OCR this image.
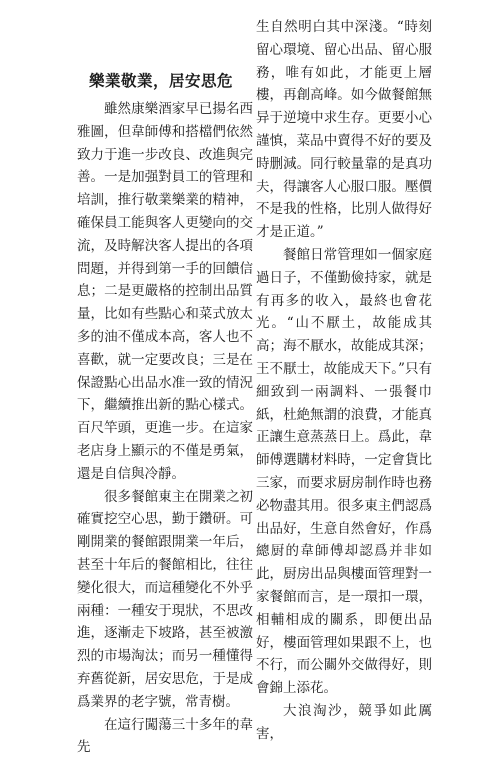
樂業敬業，居安思危

雖然康樂酒家早已揚名西雅圖，但韋師傅和搭檔們依然致力于進一步改良、改進與完善。一是加强對員工的管理和培訓，推行敬業樂業的精神，確保員工能與客人更變向的交流，及時解決客人提出的各項問題，并得到第一手的回饋信息；二是更嚴格的控制出品質量，比如有些點心和菜式放太多的油不僅成本高，客人也不喜歡，就一定要改良；三是在保證點心出品水准一致的情況下，繼續推出新的點心樣式。百尺竿頭，更進一步。在這家老店身上顯示的不僅是勇氣，還是自信與冷靜。

很多餐館東主在開業之初確實挖空心思，勤于鑽研。可剛開業的餐館跟開業一年后，甚至十年后的餐館相比，往往變化很大，而這種變化不外乎兩種：一種安于現狀，不思改進，逐漸走下坡路，甚至被激烈的市場淘汰；而另一種懂得弃舊從新，居安思危，于是成爲業界的老字號，常青樹。

在這行闖蕩三十多年的韋先

生自然明白其中深淺。“時刻留心環境、留心出品、留心服務，唯有如此，才能更上層樓，再創高峰。如今做餐館無异于逆境中求生存。更要小心謹慎，菜品中賣得不好的要及時删減。同行較量靠的是真功夫，得讓客人心服口服。壓價不是我的性格，比別人做得好才是正道。”

餐館日常管理如一個家庭過日子，不僅勤儉持家，就是有再多的收入，最終也會花光。“山不厭土，故能成其高；海不厭水，故能成其深；王不厭士，故能成天下。”只有細致到一兩調料、一張餐巾紙，杜絶無謂的浪費，才能真正讓生意蒸蒸日上。爲此，韋師傅選購材料時，一定會貨比三家，而要求厨房制作時也務必物盡其用。很多東主們認爲出品好，生意自然會好，作爲總厨的韋師傅却認爲并非如此，厨房出品與樓面管理對一家餐館而言，是一環扣一環，相輔相成的關系，即便出品好，樓面管理如果跟不上，也不行，而公關外交做得好，則會錦上添花。

大浪淘沙，競爭如此厲害，
